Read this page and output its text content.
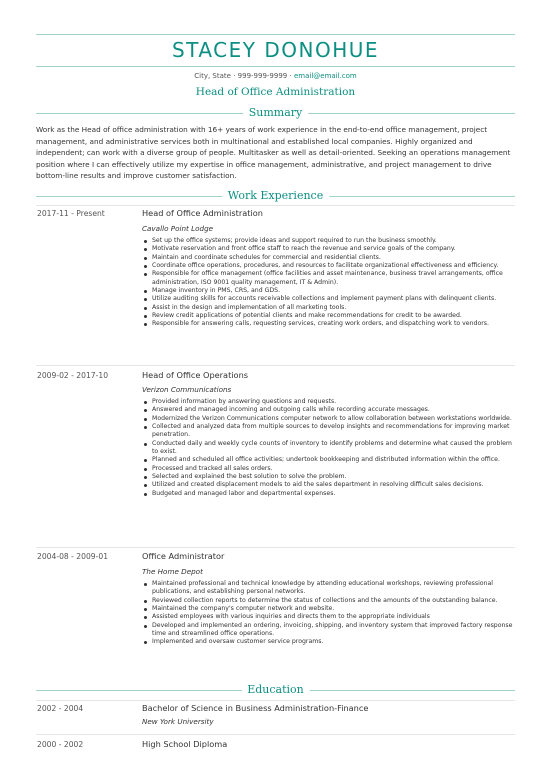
STACEY DONOHUE
City, State · 999-999-9999 · email@email.com
Head of Office Administration
Summary
Work as the Head of office administration with 16+ years of work experience in the end-to-end office management, project management, and administrative services both in multinational and established local companies. Highly organized and independent; can work with a diverse group of people. Multitasker as well as detail-oriented. Seeking an operations management position where I can effectively utilize my expertise in office management, administrative, and project management to drive bottom-line results and improve customer satisfaction.
Work Experience
2017-11 - Present	Head of Office Administration
Cavallo Point Lodge
Set up the office systems; provide ideas and support required to run the business smoothly.
Motivate reservation and front office staff to reach the revenue and service goals of the company.
Maintain and coordinate schedules for commercial and residential clients.
Coordinate office operations, procedures, and resources to facilitate organizational effectiveness and efficiency.
Responsible for office management (office facilities and asset maintenance, business travel arrangements, office administration, ISO 9001 quality management, IT & Admin).
Manage inventory in PMS, CRS, and GDS.
Utilize auditing skills for accounts receivable collections and implement payment plans with delinquent clients.
Assist in the design and implementation of all marketing tools.
Review credit applications of potential clients and make recommendations for credit to be awarded.
Responsible for answering calls, requesting services, creating work orders, and dispatching work to vendors.
2009-02 - 2017-10	Head of Office Operations
Verizon Communications
Provided information by answering questions and requests.
Answered and managed incoming and outgoing calls while recording accurate messages.
Modernized the Verizon Communications computer network to allow collaboration between workstations worldwide.
Collected and analyzed data from multiple sources to develop insights and recommendations for improving market penetration.
Conducted daily and weekly cycle counts of inventory to identify problems and determine what caused the problem to exist.
Planned and scheduled all office activities; undertook bookkeeping and distributed information within the office.
Processed and tracked all sales orders.
Selected and explained the best solution to solve the problem.
Utilized and created displacement models to aid the sales department in resolving difficult sales decisions.
Budgeted and managed labor and departmental expenses.
2004-08 - 2009-01	Office Administrator
The Home Depot
Maintained professional and technical knowledge by attending educational workshops, reviewing professional publications, and establishing personal networks.
Reviewed collection reports to determine the status of collections and the amounts of the outstanding balance.
Maintained the company's computer network and website.
Assisted employees with various inquiries and directs them to the appropriate individuals
Developed and implemented an ordering, invoicing, shipping, and inventory system that improved factory response time and streamlined office operations.
Implemented and oversaw customer service programs.
Education
2002 - 2004	Bachelor of Science in Business Administration-Finance
New York University
2000 - 2002	High School Diploma
